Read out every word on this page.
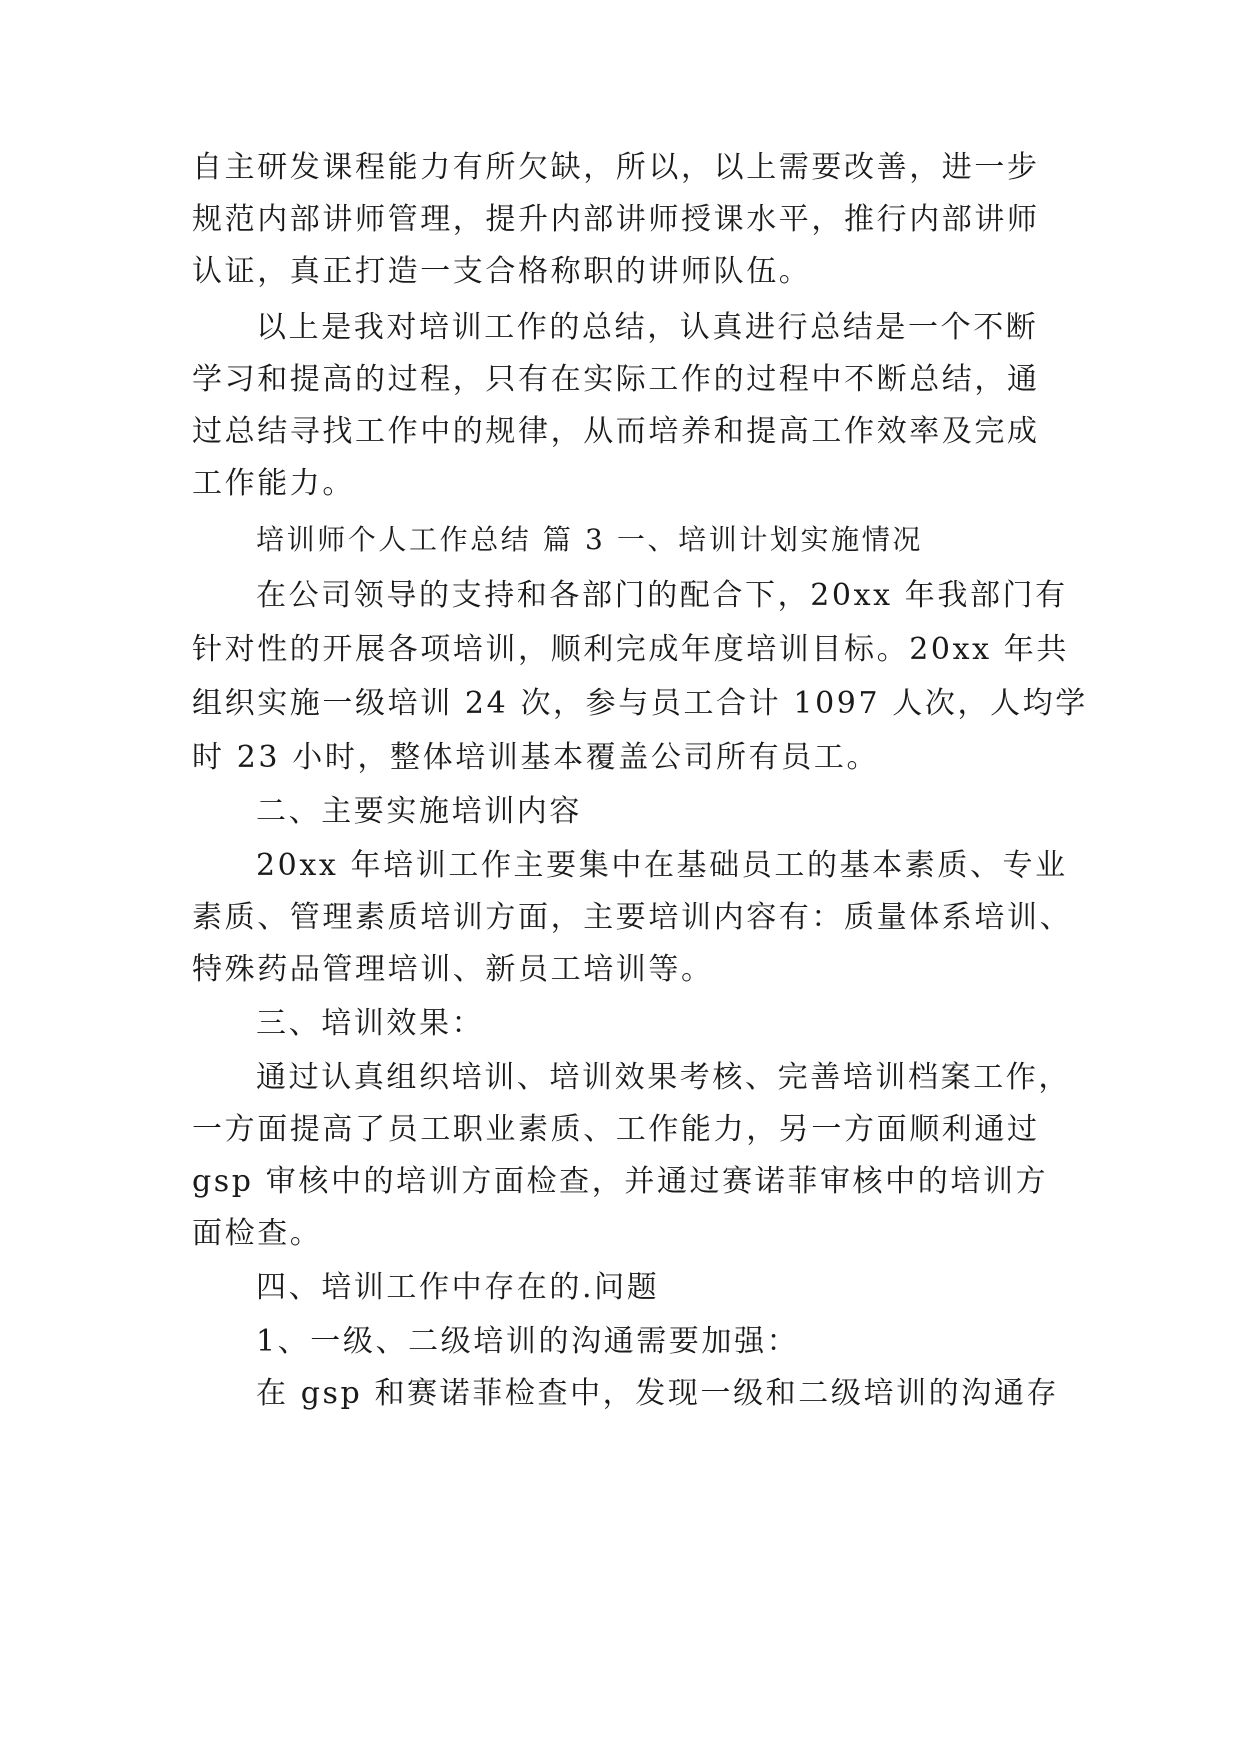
自主研发课程能力有所欠缺，所以，以上需要改善，进一步
规范内部讲师管理，提升内部讲师授课水平，推行内部讲师
认证，真正打造一支合格称职的讲师队伍。
以上是我对培训工作的总结，认真进行总结是一个不断
学习和提高的过程，只有在实际工作的过程中不断总结，通
过总结寻找工作中的规律，从而培养和提高工作效率及完成
工作能力。
培训师个人工作总结 篇 3 一、培训计划实施情况
在公司领导的支持和各部门的配合下，20xx 年我部门有
针对性的开展各项培训，顺利完成年度培训目标。20xx 年共
组织实施一级培训 24 次，参与员工合计 1097 人次，人均学
时 23 小时，整体培训基本覆盖公司所有员工。
二、主要实施培训内容
20xx 年培训工作主要集中在基础员工的基本素质、专业
素质、管理素质培训方面，主要培训内容有：质量体系培训、
特殊药品管理培训、新员工培训等。
三、培训效果：
通过认真组织培训、培训效果考核、完善培训档案工作，
一方面提高了员工职业素质、工作能力，另一方面顺利通过
gsp 审核中的培训方面检查，并通过赛诺菲审核中的培训方
面检查。
四、培训工作中存在的.问题
1、一级、二级培训的沟通需要加强：
在 gsp 和赛诺菲检查中，发现一级和二级培训的沟通存
